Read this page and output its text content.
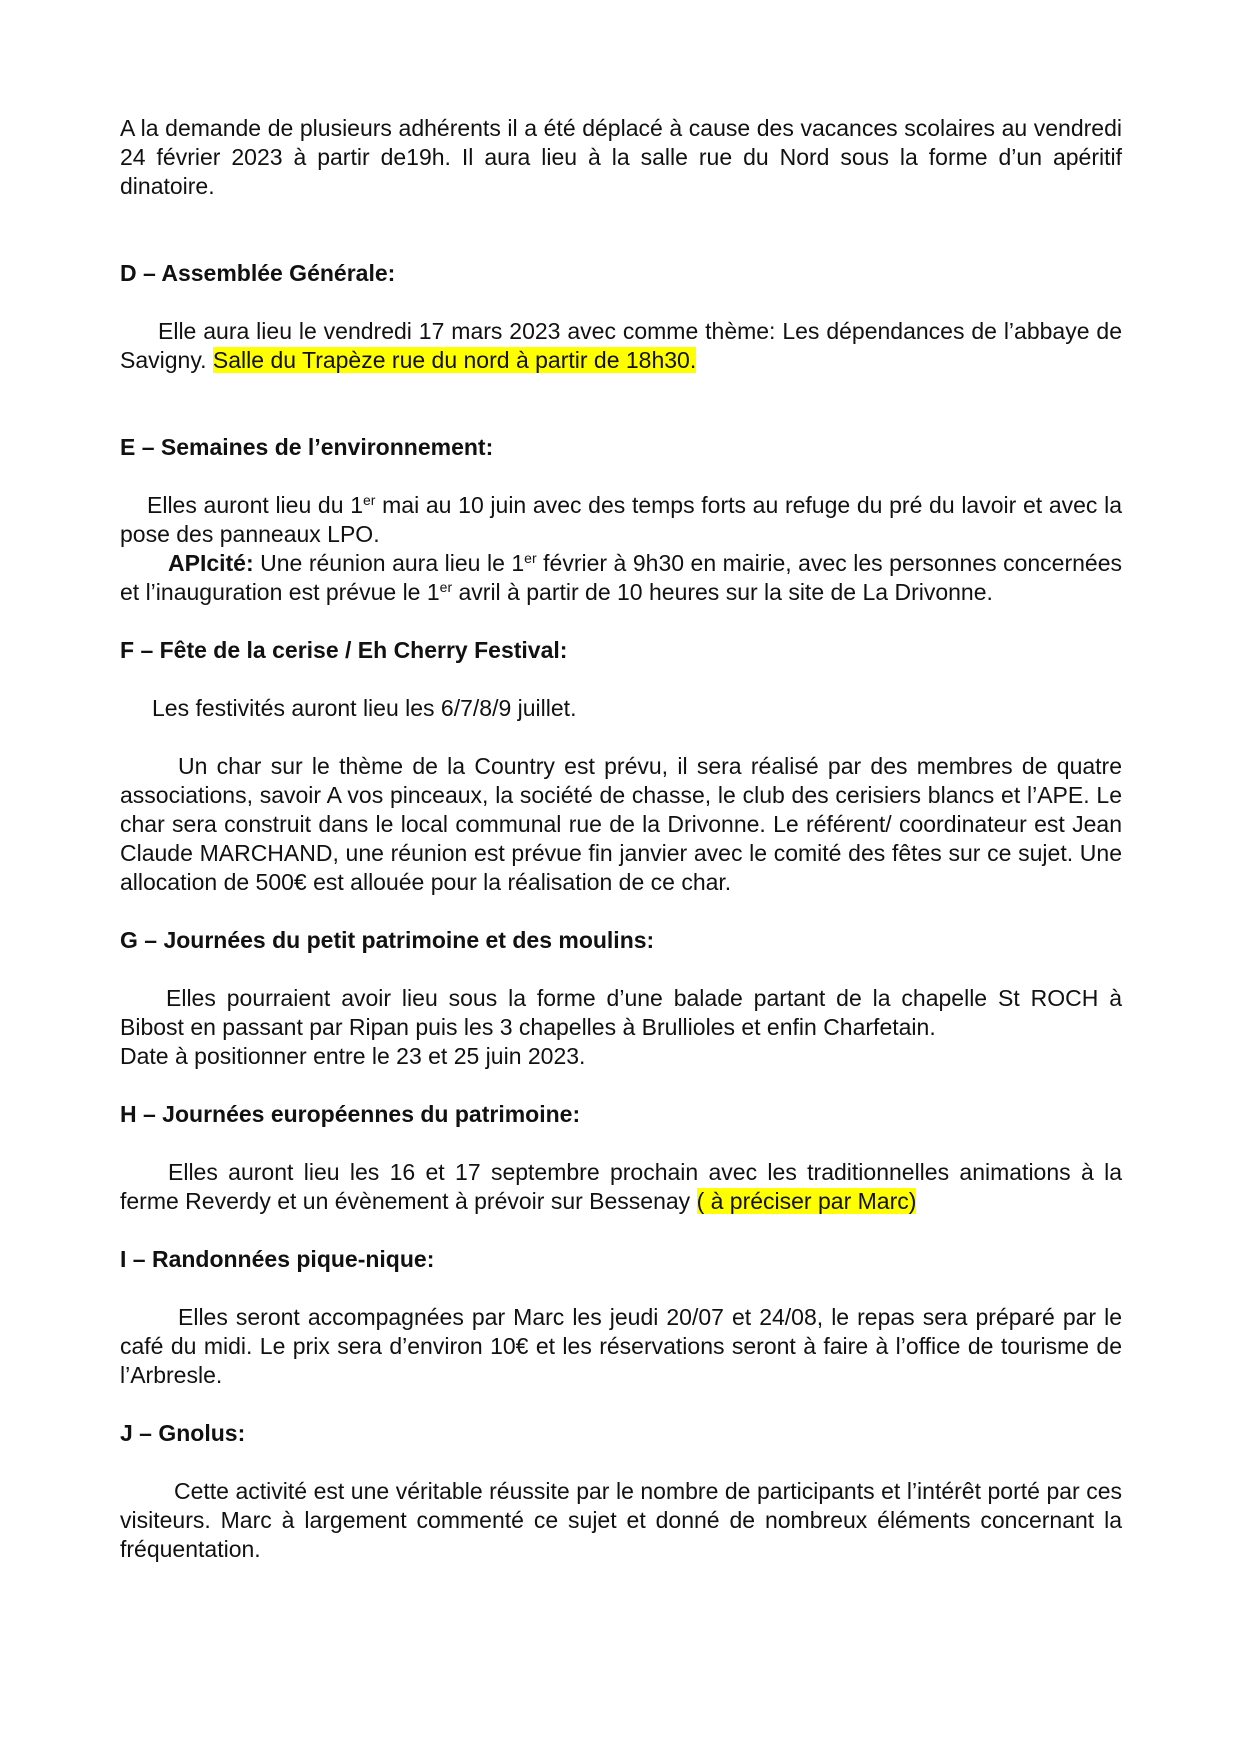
A la demande de plusieurs adhérents il a été déplacé à cause des vacances scolaires au vendredi 24 février 2023 à partir de19h. Il aura lieu à la salle rue du Nord sous la forme d’un apéritif dinatoire.

D – Assemblée Générale:

Elle aura lieu le vendredi 17 mars 2023 avec comme thème: Les dépendances de l’abbaye de Savigny. Salle du Trapèze rue du nord à partir de 18h30.

E – Semaines de l’environnement:

Elles auront lieu du 1er mai au 10 juin avec des temps forts au refuge du pré du lavoir et avec la pose des panneaux LPO.

APIcité: Une réunion aura lieu le 1er février à 9h30 en mairie, avec les personnes concernées et l’inauguration est prévue le 1er avril à partir de 10 heures sur la site de La Drivonne.

F – Fête de la cerise / Eh Cherry Festival:

Les festivités auront lieu les 6/7/8/9 juillet.

Un char sur le thème de la Country est prévu, il sera réalisé par des membres de quatre associations, savoir A vos pinceaux, la société de chasse, le club des cerisiers blancs et l’APE. Le char sera construit dans le local communal rue de la Drivonne. Le référent/ coordinateur est Jean Claude MARCHAND, une réunion est prévue fin janvier avec le comité des fêtes sur ce sujet. Une allocation de 500€ est allouée pour la réalisation de ce char.

G – Journées du petit patrimoine et des moulins:

Elles pourraient avoir lieu sous la forme d’une balade partant de la chapelle St ROCH à Bibost en passant par Ripan puis les 3 chapelles à Brullioles et enfin Charfetain.

Date à positionner entre le 23 et 25 juin 2023.

H – Journées européennes du patrimoine:

Elles auront lieu les 16 et 17 septembre prochain avec les traditionnelles animations à la ferme Reverdy et un évènement à prévoir sur Bessenay ( à préciser par Marc)

I – Randonnées pique-nique:

Elles seront accompagnées par Marc les jeudi 20/07 et 24/08, le repas sera préparé par le café du midi. Le prix sera d’environ 10€ et les réservations seront à faire à l’office de tourisme de l’Arbresle.

J – Gnolus:

Cette activité est une véritable réussite par le nombre de participants et l’intérêt porté par ces visiteurs. Marc à largement commenté ce sujet et donné de nombreux éléments concernant la fréquentation.
